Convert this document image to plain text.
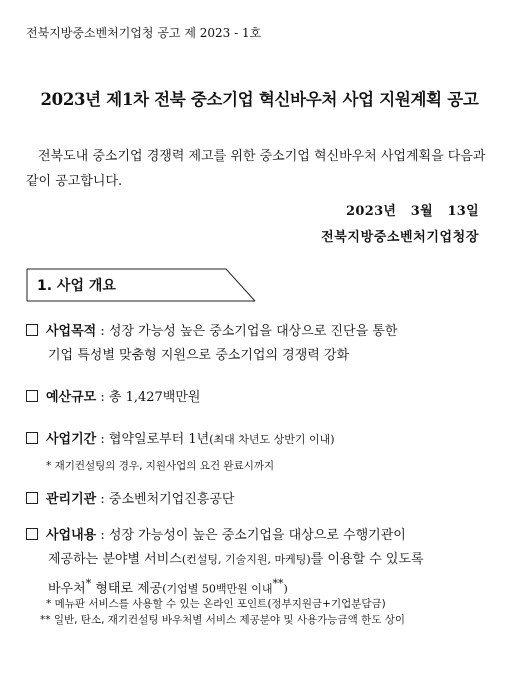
전북지방중소벤처기업청 공고 제 2023 - 1호
2023년 제1차 전북 중소기업 혁신바우처 사업 지원계획 공고
전북도내 중소기업 경쟁력 제고를 위한 중소기업 혁신바우처 사업계획을 다음과 같이 공고합니다.
2023년   3월   13일
전북지방중소벤처기업청장
1. 사업 개요
사업목적 : 성장 가능성 높은 중소기업을 대상으로 진단을 통한
기업 특성별 맞춤형 지원으로 중소기업의 경쟁력 강화
예산규모 : 총 1,427백만원
사업기간 : 협약일로부터 1년(최대 차년도 상반기 이내)
* 재기컨설팅의 경우, 지원사업의 요건 완료시까지
관리기관 : 중소벤처기업진흥공단
사업내용 : 성장 가능성이 높은 중소기업을 대상으로 수행기관이
제공하는 분야별 서비스(컨설팅, 기술지원, 마케팅)를 이용할 수 있도록
바우처* 형태로 제공(기업별 50백만원 이내**)
* 메뉴판 서비스를 사용할 수 있는 온라인 포인트(정부지원금+기업분담금)
** 일반, 탄소, 재기컨설팅 바우처별 서비스 제공분야 및 사용가능금액 한도 상이
